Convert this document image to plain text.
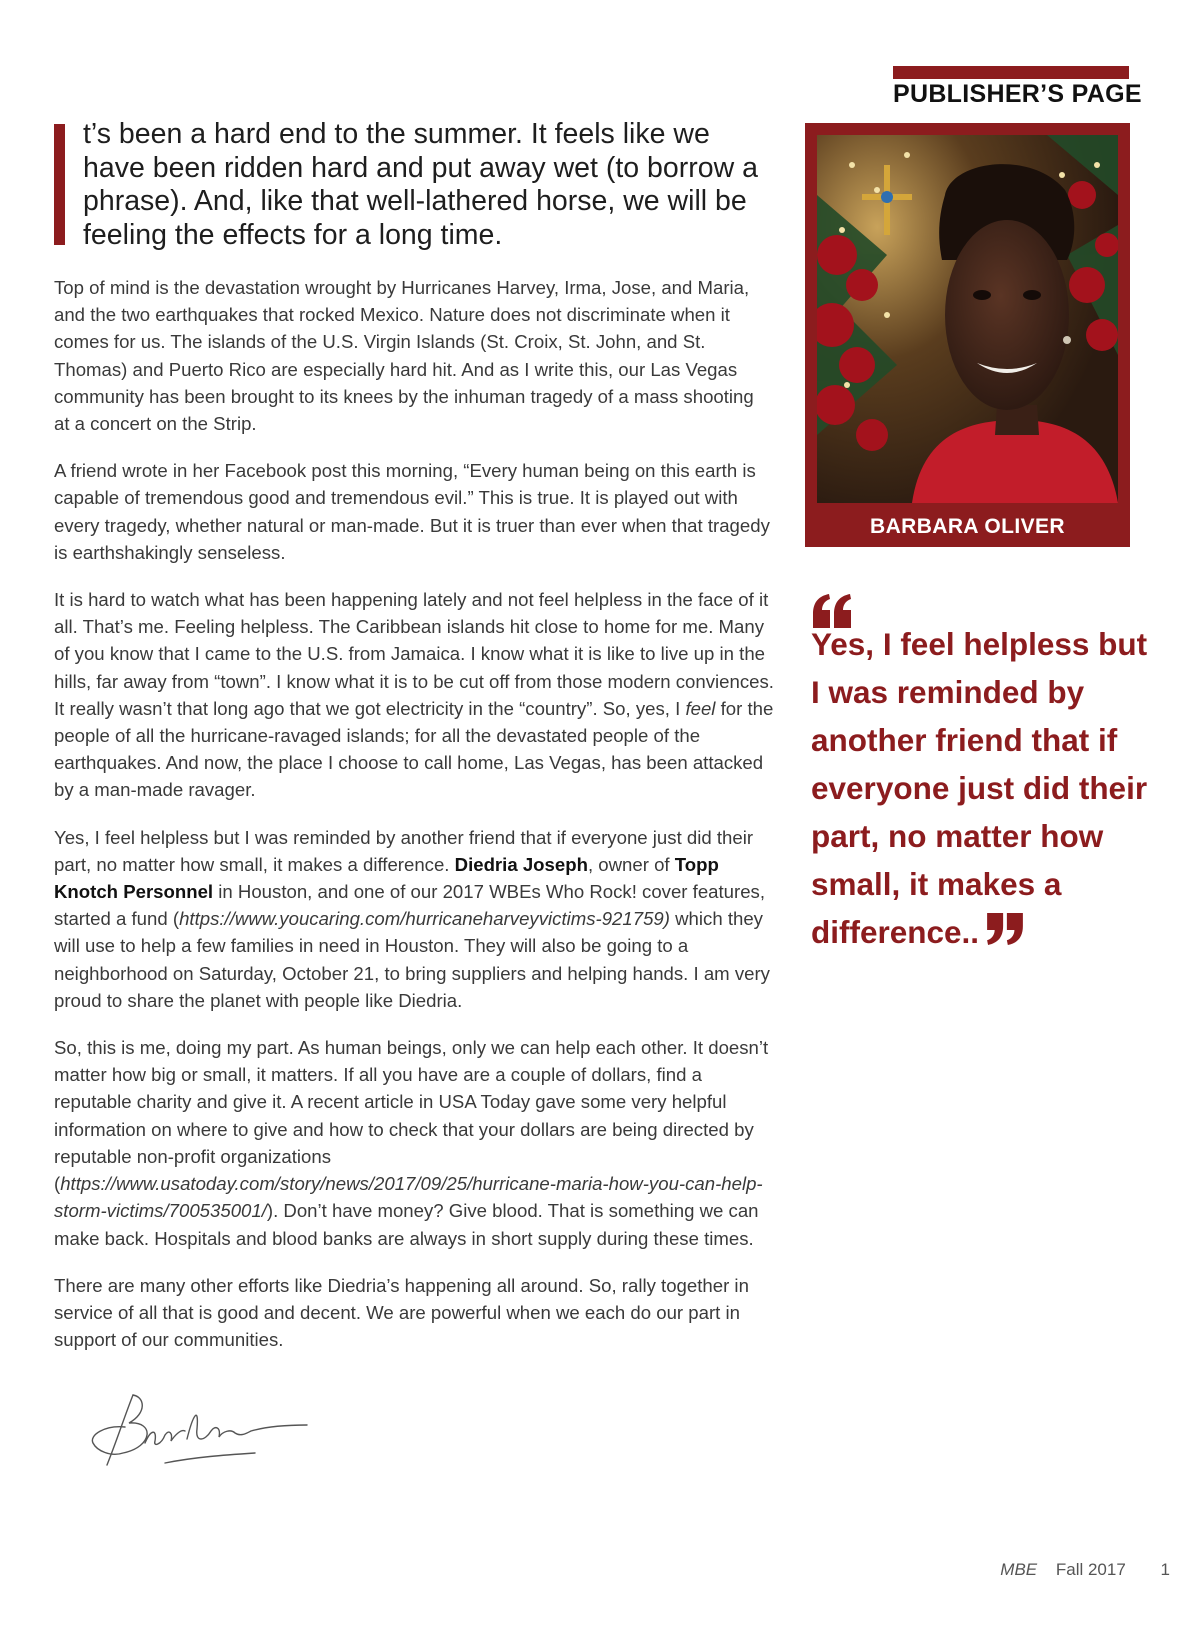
PUBLISHER’S PAGE

t’s been a hard end to the summer. It feels like we have been ridden hard and put away wet (to borrow a phrase). And, like that well-lathered horse, we will be feeling the effects for a long time.

Top of mind is the devastation wrought by Hurricanes Harvey, Irma, Jose, and Maria, and the two earthquakes that rocked Mexico. Nature does not discriminate when it comes for us. The islands of the U.S. Virgin Islands (St. Croix, St. John, and St. Thomas) and Puerto Rico are especially hard hit. And as I write this, our Las Vegas community has been brought to its knees by the inhuman tragedy of a mass shooting at a concert on the Strip.

A friend wrote in her Facebook post this morning, “Every human being on this earth is capable of tremendous good and tremendous evil.” This is true. It is played out with every tragedy, whether natural or man-made. But it is truer than ever when that tragedy is earthshakingly senseless.

It is hard to watch what has been happening lately and not feel helpless in the face of it all. That’s me. Feeling helpless. The Caribbean islands hit close to home for me. Many of you know that I came to the U.S. from Jamaica. I know what it is like to live up in the hills, far away from “town”. I know what it is to be cut off from those modern conviences. It really wasn’t that long ago that we got electricity in the “country”. So, yes, I feel for the people of all the hurricane-ravaged islands; for all the devastated people of the earthquakes. And now, the place I choose to call home, Las Vegas, has been attacked by a man-made ravager.

Yes, I feel helpless but I was reminded by another friend that if everyone just did their part, no matter how small, it makes a difference. Diedria Joseph, owner of Topp Knotch Personnel in Houston, and one of our 2017 WBEs Who Rock! cover features, started a fund (https://www.youcaring.com/hurricaneharveyvictims-921759) which they will use to help a few families in need in Houston. They will also be going to a neighborhood on Saturday, October 21, to bring suppliers and helping hands. I am very proud to share the planet with people like Diedria.

So, this is me, doing my part. As human beings, only we can help each other. It doesn’t matter how big or small, it matters. If all you have are a couple of dollars, find a reputable charity and give it. A recent article in USA Today gave some very helpful information on where to give and how to check that your dollars are being directed by reputable non-profit organizations (https://www.usatoday.com/story/news/2017/09/25/hurricane-maria-how-you-can-help-storm-victims/700535001/). Don’t have money? Give blood. That is something we can make back. Hospitals and blood banks are always in short supply during these times.

There are many other efforts like Diedria’s happening all around. So, rally together in service of all that is good and decent. We are powerful when we each do our part in support of our communities.

BARBARA OLIVER

Yes, I feel helpless but I was reminded by another friend that if everyone just did their part, no matter how small, it makes a difference..

MBE Fall 2017 1
